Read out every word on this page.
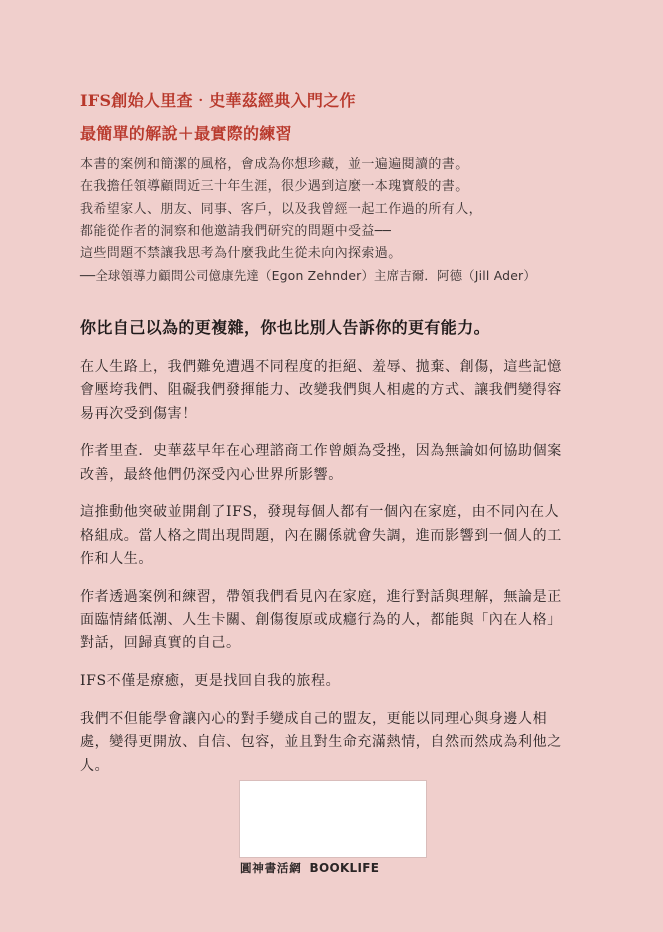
IFS創始人里查‧史華茲經典入門之作
最簡單的解說＋最實際的練習
本書的案例和簡潔的風格，會成為你想珍藏，並一遍遍閱讀的書。
在我擔任領導顧問近三十年生涯，很少遇到這麼一本瑰寶般的書。
我希望家人、朋友、同事、客戶，以及我曾經一起工作過的所有人，
都能從作者的洞察和他邀請我們研究的問題中受益──
這些問題不禁讓我思考為什麼我此生從未向內探索過。
──全球領導力顧問公司億康先達（Egon Zehnder）主席吉爾．阿德（Jill Ader）
你比自己以為的更複雜，你也比別人告訴你的更有能力。

在人生路上，我們難免遭遇不同程度的拒絕、羞辱、拋棄、創傷，這些記憶
會壓垮我們、阻礙我們發揮能力、改變我們與人相處的方式、讓我們變得容
易再次受到傷害！

作者里查．史華茲早年在心理諮商工作曾頗為受挫，因為無論如何協助個案
改善，最終他們仍深受內心世界所影響。

這推動他突破並開創了IFS，發現每個人都有一個內在家庭，由不同內在人
格組成。當人格之間出現問題，內在關係就會失調，進而影響到一個人的工
作和人生。

作者透過案例和練習，帶領我們看見內在家庭，進行對話與理解，無論是正
面臨情緒低潮、人生卡關、創傷復原或成癮行為的人，都能與「內在人格」
對話，回歸真實的自己。

IFS不僅是療癒，更是找回自我的旅程。

我們不但能學會讓內心的對手變成自己的盟友，更能以同理心與身邊人相
處，變得更開放、自信、包容，並且對生命充滿熱情，自然而然成為利他之
人。

圓神書活網 BOOKLIFE
